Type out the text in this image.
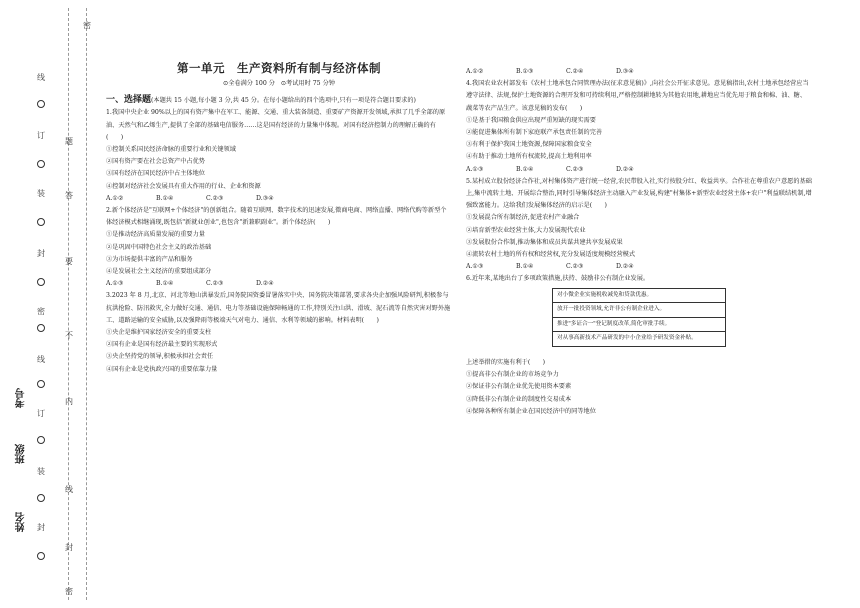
考号
班级
姓名
密
题
答
要
不
内
线
封
密
线
订
装
封
密
线
订
装
封
第一单元　生产资料所有制与经济体制
⊙全卷满分 100 分 ⊙考试用时 75 分钟
一、选择题(本题共 15 小题,每小题 3 分,共 45 分。在每小题给出的四个选项中,只有一项是符合题目要求的)

1.我国中央企业 90%以上的国有资产集中在军工、能源、交通、重大装备制造、重要矿产资源开发领域,承担了几乎全部的原油、天然气和乙烯生产,提供了全部的基础电信服务……这是国有经济的力量集中体现。对国有经济控制力的理解正确的有(　　)

①控制关系国民经济命脉的重要行业和关键领域

②国有资产要在社会总资产中占优势

③国有经济在国民经济中占主体地位

④控制对经济社会发展具有重大作用的行业、企业和资源

A.①②	B.①④	C.②③	D.③④

2.新个体经济是"互联网+个体经济"的创新组合。随着互联网、数字技术的迅速发展,微商电商、网络直播、网络代购等新型个体经济模式相继涌现,既包括"新就业创业",也包含"新兼职副业"。新个体经济(　　)

①是推动经济高质量发展的重要力量

②是巩固中国特色社会主义的政治基础

③为市场提供丰富的产品和服务

④是发展社会主义经济的重要组成部分

A.①③	B.①④	C.②③	D.②④

3.2023 年 8 月,北京、河北等地山洪暴发后,国务院国资委冒暑落实中央、国务院决策部署,要求各央企加强风险研判,积极参与抗洪抢险、防汛救灾,全力做好交通、通信、电力等基础设施保障畅通的工作,特别关注山洪、滑坡、泥石流等自然灾害对野外施工、道路运输的安全威胁,以及强降雨等极端天气对电力、通信、水利等领域的影响。材料表明(　　)

①央企是维护国家经济安全的重要支柱

②国有企业是国有经济最主要的实现形式

③央企坚持党的领导,积极承担社会责任

④国有企业是党执政兴国的重要依靠力量

A.①②	B.①③	C.②④	D.③④

4.我国农业农村部发布《农村土地承包合同管理办法(征求意见稿)》,向社会公开征求意见。意见稿指出,农村土地承包经营应当遵守法律、法规,保护土地资源的合理开发和可持续利用,严格控制耕地转为其他农用地,耕地应当优先用于粮食和棉、油、糖、蔬菜等农产品生产。该意见稿的发布(　　)

①是基于我国粮食供应出现严重短缺的现实需要

②能促进集体所有制下家庭联产承包责任制的完善

③有利于保护我国土地资源,保障国家粮食安全

④有助于推动土地所有权流转,提高土地利用率

A.①③	B.①④	C.②③	D.②④

5.某村成立股份经济合作社,对村集体资产进行统一经营,农民带股入社,实行按股分红、收益共享。合作社在尊重农户意愿的基础上,集中流转土地、开展综合整治,同时引导集体经济主动融入产业发展,构建"村集体+新型农业经营主体+农户"利益联结机制,增强致富能力。这给我们发展集体经济的启示是(　　)

①发展混合所有制经济,促进农村产业融合

②培育新型农业经营主体,大力发展现代农业

③发展股份合作制,推动集体和成员共谋共建共享发展成果

④流转农村土地的所有权和经营权,充分发展适度规模经营模式

A.①③	B.①④	C.②③	D.②④

6.近年来,某地出台了多项政策措施,扶持、鼓励非公有制企业发展。

对小微企业实施税收减免和贷款优惠。
放开一批投资领域,允许非公有制企业进入。
推进"多证合一"登记制度改革,简化审批手续。
对从事高新技术产品研发的中小企业给予研发资金补贴。

上述举措的实施有利于(　　)

①提高非公有制企业的市场竞争力

②保证非公有制企业优先使用资本要素

③降低非公有制企业的制度性交易成本

④保障各种所有制企业在国民经济中的同等地位
